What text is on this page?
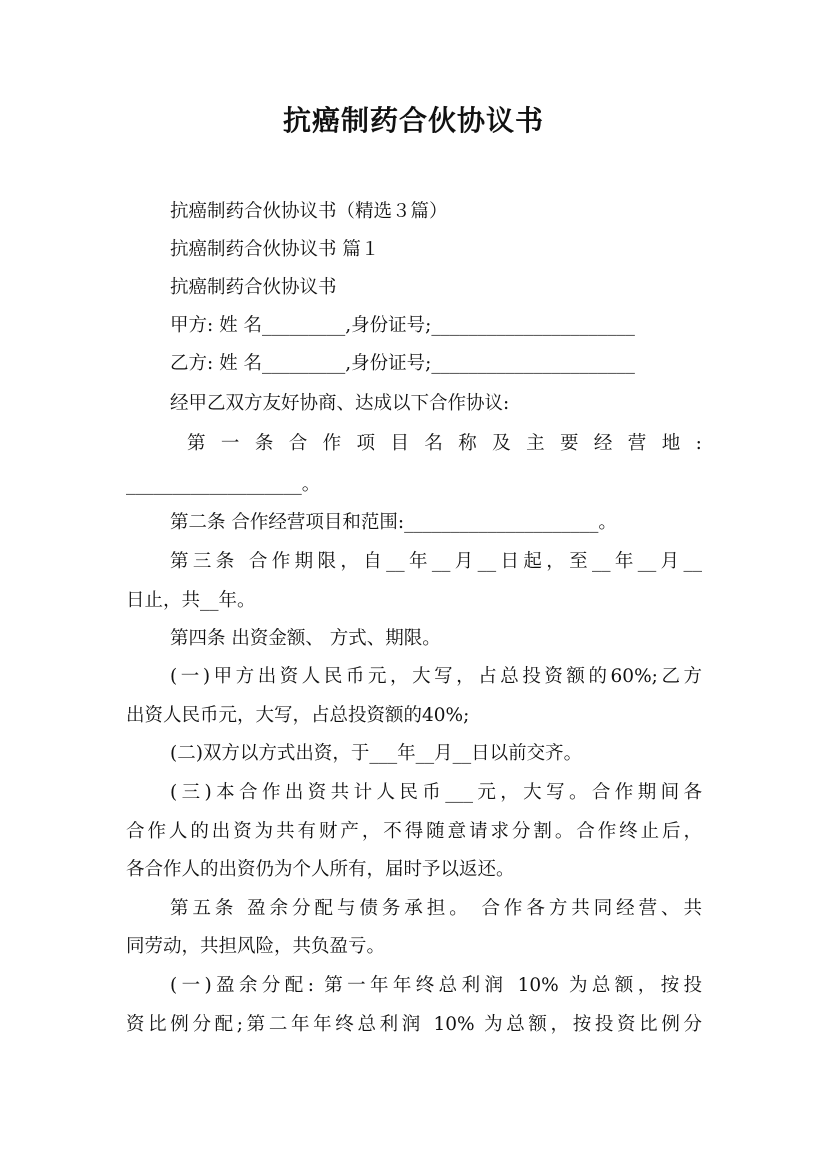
抗癌制药合伙协议书
抗癌制药合伙协议书（精选３篇）
抗癌制药合伙协议书 篇１
抗癌制药合伙协议书
甲方: 姓 名_________,身份证号;______________________
乙方: 姓 名_________,身份证号;______________________
经甲乙双方友好协商、达成以下合作协议:
第 一 条 合 作 项 目 名 称 及 主 要 经 营 地 :
___________________。
第二条 合作经营项目和范围:_____________________。
第三条 合作期限，自__年__月__日起，至__年__月__
日止，共__年。
第四条 出资金额、 方式、期限。
(一)甲方出资人民币元，大写，占总投资额的60%;乙方
出资人民币元，大写，占总投资额的40%;
(二)双方以方式出资，于___年__月__日以前交齐。
(三)本合作出资共计人民币___元，大写。合作期间各
合作人的出资为共有财产，不得随意请求分割。合作终止后，
各合作人的出资仍为个人所有，届时予以返还。
第五条 盈余分配与债务承担。 合作各方共同经营、共
同劳动，共担风险，共负盈亏。
(一)盈余分配: 第一年年终总利润 10% 为总额，按投
资比例分配;第二年年终总利润 10% 为总额，按投资比例分
